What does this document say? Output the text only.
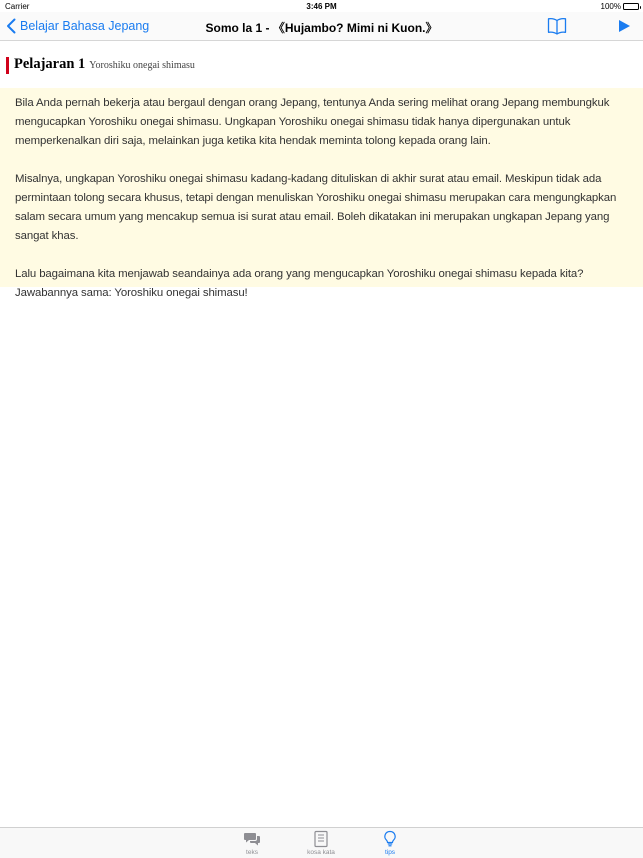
Carrier	3:46 PM	100%
Belajar Bahasa Jepang	Somo la 1 - 《Hujambo? Mimi ni Kuon.》
Pelajaran 1 Yoroshiku onegai shimasu

Bila Anda pernah bekerja atau bergaul dengan orang Jepang, tentunya Anda sering melihat orang Jepang membungkuk mengucapkan Yoroshiku onegai shimasu. Ungkapan Yoroshiku onegai shimasu tidak hanya dipergunakan untuk memperkenalkan diri saja, melainkan juga ketika kita hendak meminta tolong kepada orang lain.

Misalnya, ungkapan Yoroshiku onegai shimasu kadang-kadang dituliskan di akhir surat atau email. Meskipun tidak ada permintaan tolong secara khusus, tetapi dengan menuliskan Yoroshiku onegai shimasu merupakan cara mengungkapkan salam secara umum yang mencakup semua isi surat atau email. Boleh dikatakan ini merupakan ungkapan Jepang yang sangat khas.

Lalu bagaimana kita menjawab seandainya ada orang yang mengucapkan Yoroshiku onegai shimasu kepada kita? Jawabannya sama: Yoroshiku onegai shimasu!

teks	kosa kata	tips
